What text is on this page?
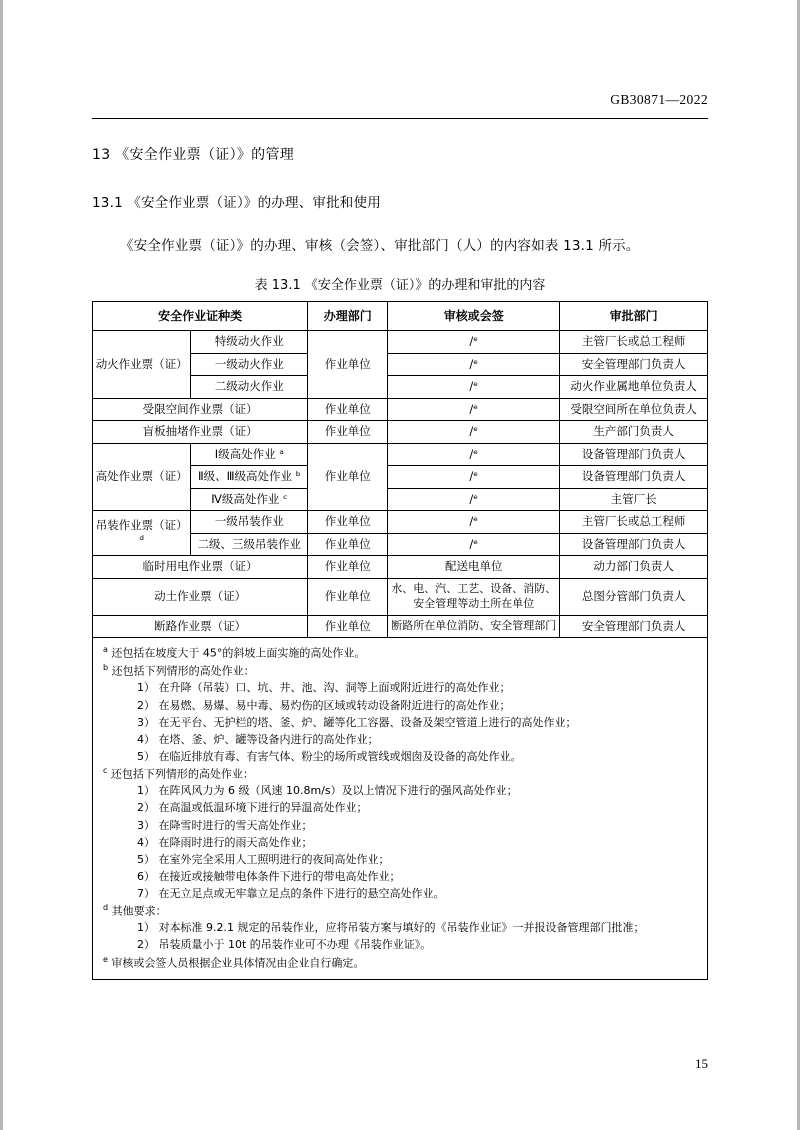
GB30871—2022
13 《安全作业票（证）》的管理
13.1 《安全作业票（证）》的办理、审批和使用
《安全作业票（证）》的办理、审核（会签）、审批部门（人）的内容如表 13.1 所示。
表 13.1 《安全作业票（证）》的办理和审批的内容
安全作业证种类		办理部门	审核或会签	审批部门
动火作业票（证）	特级动火作业	作业单位	/ᵉ	主管厂长或总工程师
	一级动火作业		/ᵉ	安全管理部门负责人
	二级动火作业		/ᵉ	动火作业属地单位负责人
受限空间作业票（证）		作业单位	/ᵉ	受限空间所在单位负责人
盲板抽堵作业票（证）		作业单位	/ᵉ	生产部门负责人
高处作业票（证）	Ⅰ级高处作业 ᵃ	作业单位	/ᵉ	设备管理部门负责人
	Ⅱ级、Ⅲ级高处作业 ᵇ		/ᵉ	设备管理部门负责人
	Ⅳ级高处作业 ᶜ		/ᵉ	主管厂长
吊装作业票（证）ᵈ	一级吊装作业	作业单位	/ᵉ	主管厂长或总工程师
	二级、三级吊装作业	作业单位	/ᵉ	设备管理部门负责人
临时用电作业票（证）		作业单位	配送电单位	动力部门负责人
动土作业票（证）		作业单位	水、电、汽、工艺、设备、消防、安全管理等动土所在单位	总图分管部门负责人
断路作业票（证）		作业单位	断路所在单位消防、安全管理部门	安全管理部门负责人
$^a$ 还包括在坡度大于 45°的斜坡上面实施的高处作业。
$^b$ 还包括下列情形的高处作业：
1） 在升降（吊装）口、坑、井、池、沟、洞等上面或附近进行的高处作业；
2） 在易燃、易爆、易中毒、易灼伤的区域或转动设备附近进行的高处作业；
3） 在无平台、无护栏的塔、釜、炉、罐等化工容器、设备及架空管道上进行的高处作业；
4） 在塔、釜、炉、罐等设备内进行的高处作业；
5） 在临近排放有毒、有害气体、粉尘的场所或管线或烟囱及设备的高处作业。
$^c$ 还包括下列情形的高处作业：
1） 在阵风风力为 6 级（风速 10.8m/s）及以上情况下进行的强风高处作业；
2） 在高温或低温环境下进行的异温高处作业；
3） 在降雪时进行的雪天高处作业；
4） 在降雨时进行的雨天高处作业；
5） 在室外完全采用人工照明进行的夜间高处作业；
6） 在接近或接触带电体条件下进行的带电高处作业；
7） 在无立足点或无牢靠立足点的条件下进行的悬空高处作业。
$^d$ 其他要求：
1） 对本标准 9.2.1 规定的吊装作业，应将吊装方案与填好的《吊装作业证》一并报设备管理部门批准；
2） 吊装质量小于 10t 的吊装作业可不办理《吊装作业证》。
$^e$ 审核或会签人员根据企业具体情况由企业自行确定。
15
